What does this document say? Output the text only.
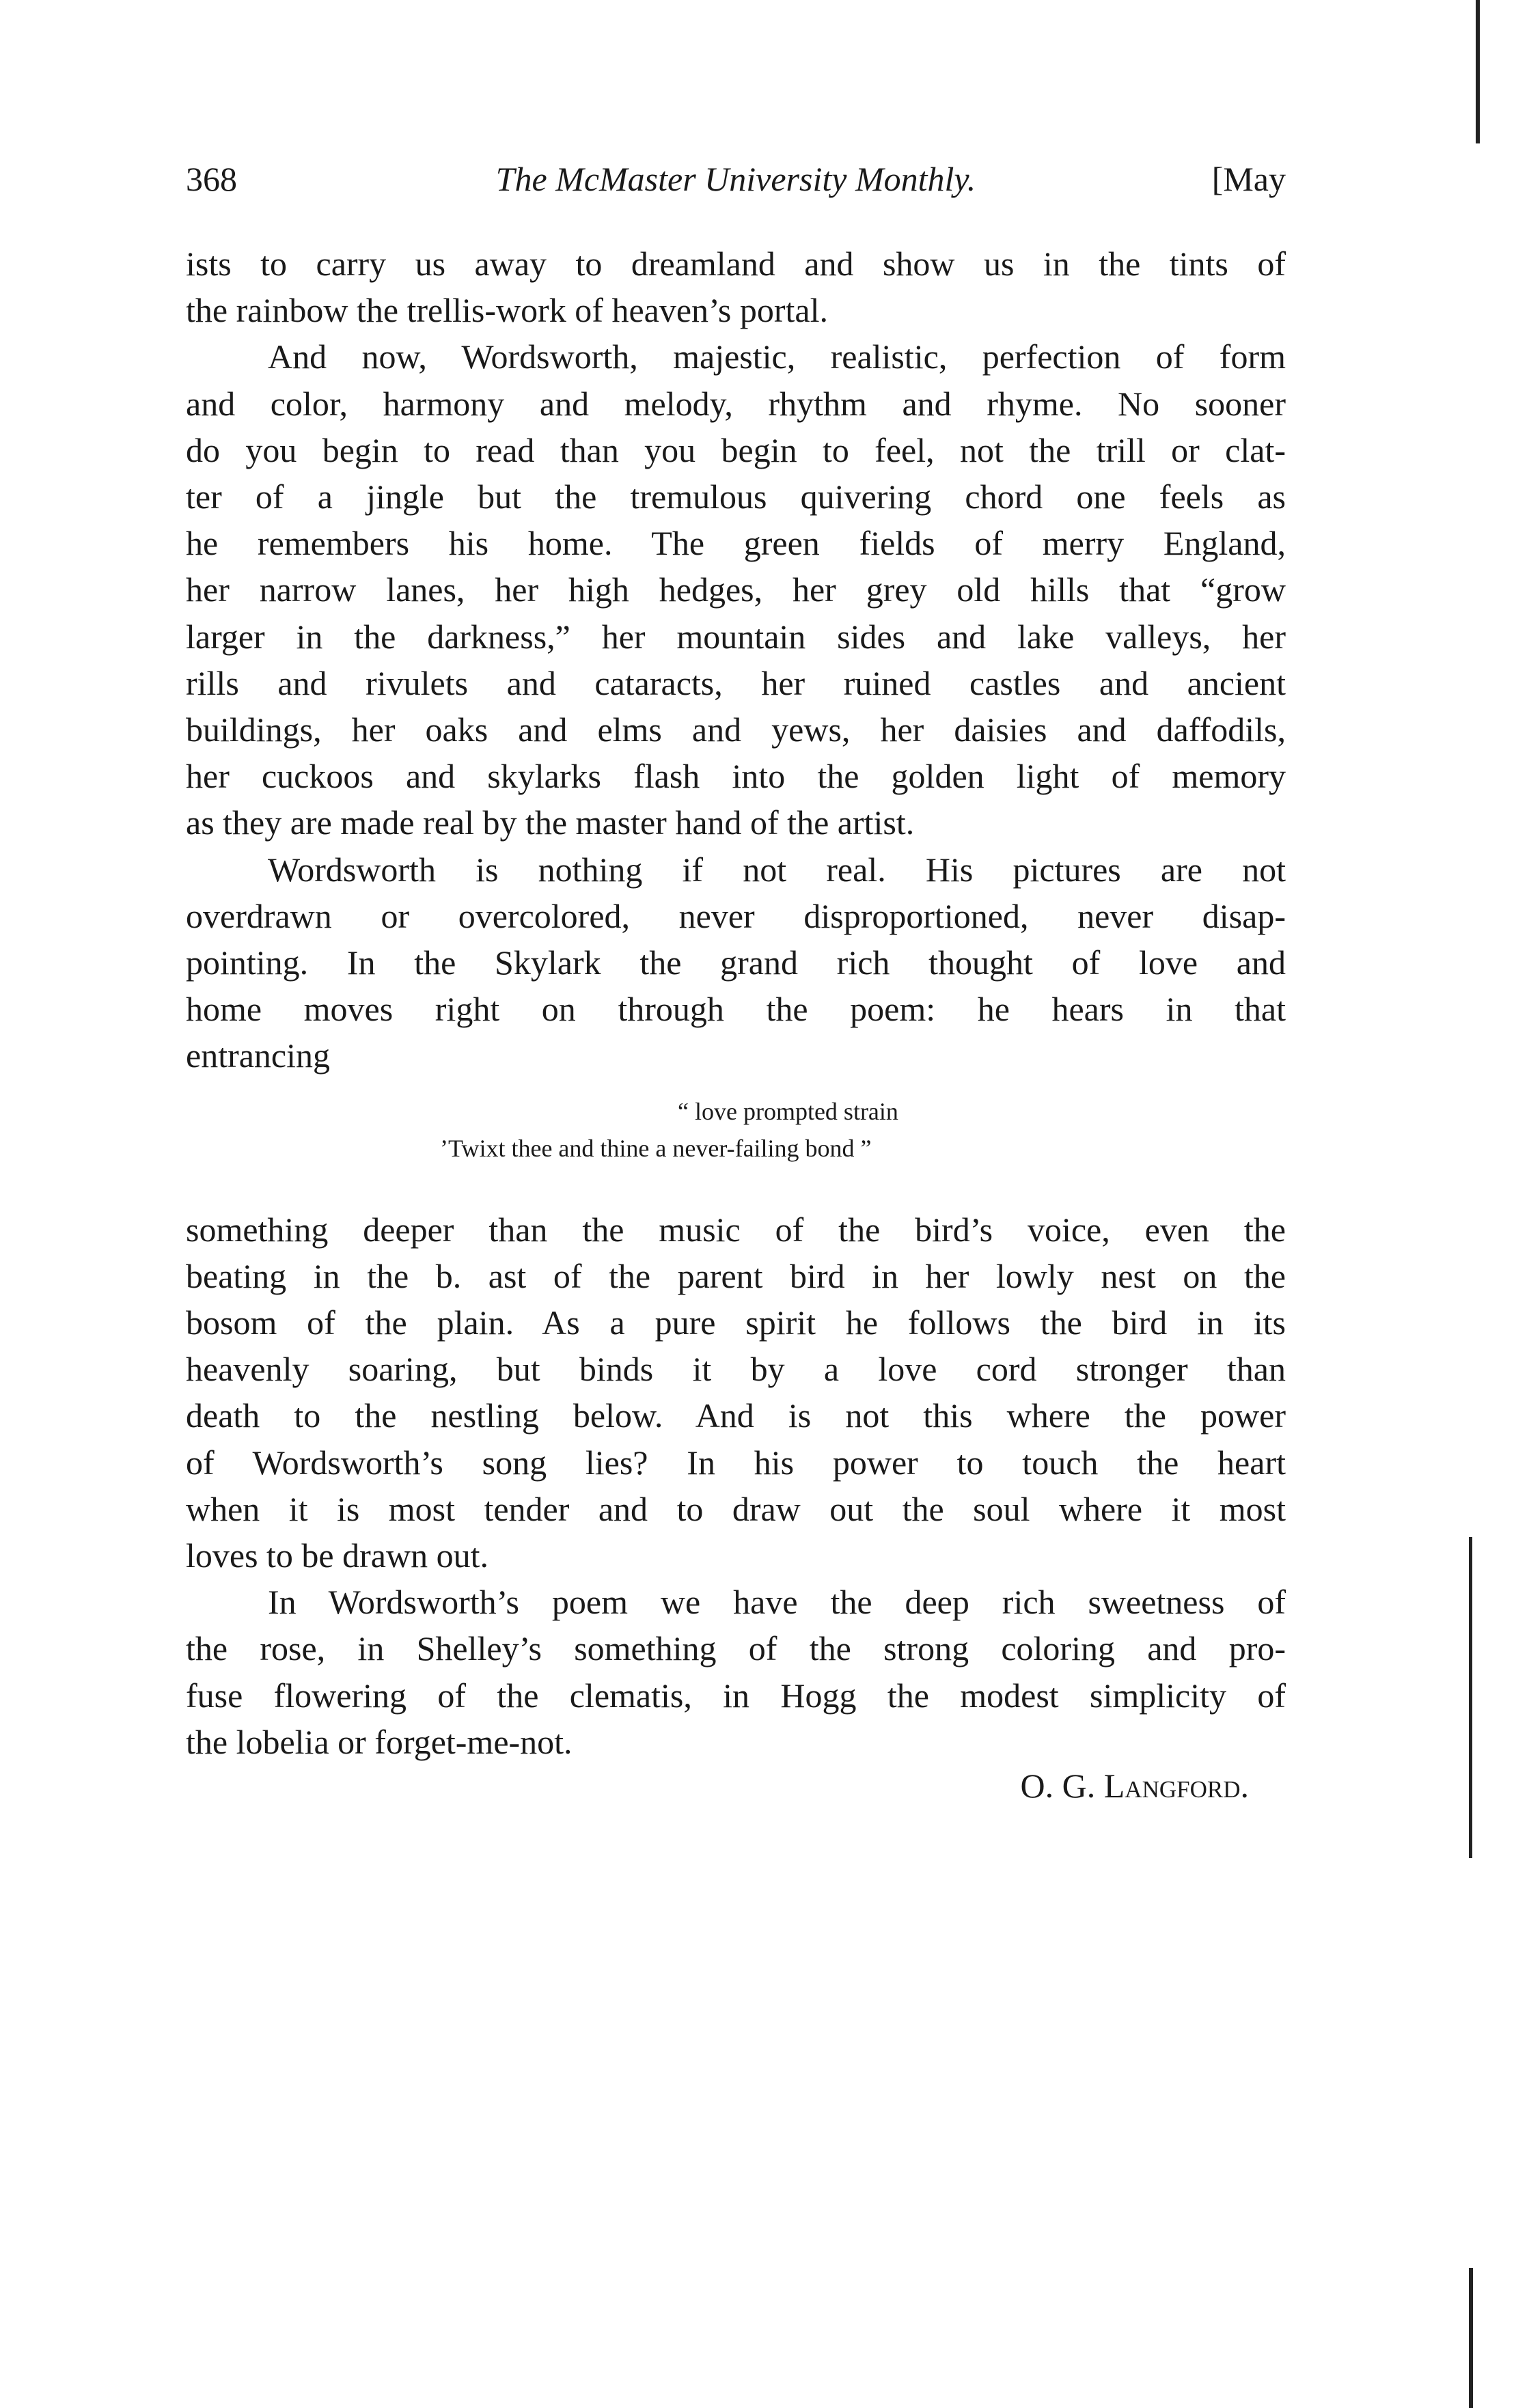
368	The McMaster University Monthly.	[May

ists to carry us away to dreamland and show us in the tints of
the rainbow the trellis-work of heaven’s portal.

And now, Wordsworth, majestic, realistic, perfection of form
and color, harmony and melody, rhythm and rhyme. No sooner
do you begin to read than you begin to feel, not the trill or clat-
ter of a jingle but the tremulous quivering chord one feels as
he remembers his home. The green fields of merry England,
her narrow lanes, her high hedges, her grey old hills that “grow
larger in the darkness,” her mountain sides and lake valleys, her
rills and rivulets and cataracts, her ruined castles and ancient
buildings, her oaks and elms and yews, her daisies and daffodils,
her cuckoos and skylarks flash into the golden light of memory
as they are made real by the master hand of the artist.

Wordsworth is nothing if not real. His pictures are not
overdrawn or overcolored, never disproportioned, never disap-
pointing. In the Skylark the grand rich thought of love and
home moves right on through the poem: he hears in that
entrancing

“ love prompted strain
’Twixt thee and thine a never-failing bond ”

something deeper than the music of the bird’s voice, even the
beating in the b. ast of the parent bird in her lowly nest on the
bosom of the plain. As a pure spirit he follows the bird in its
heavenly soaring, but binds it by a love cord stronger than
death to the nestling below. And is not this where the power
of Wordsworth’s song lies? In his power to touch the heart
when it is most tender and to draw out the soul where it most
loves to be drawn out.

In Wordsworth’s poem we have the deep rich sweetness of
the rose, in Shelley’s something of the strong coloring and pro-
fuse flowering of the clematis, in Hogg the modest simplicity of
the lobelia or forget-me-not.

O. G. Langford.
